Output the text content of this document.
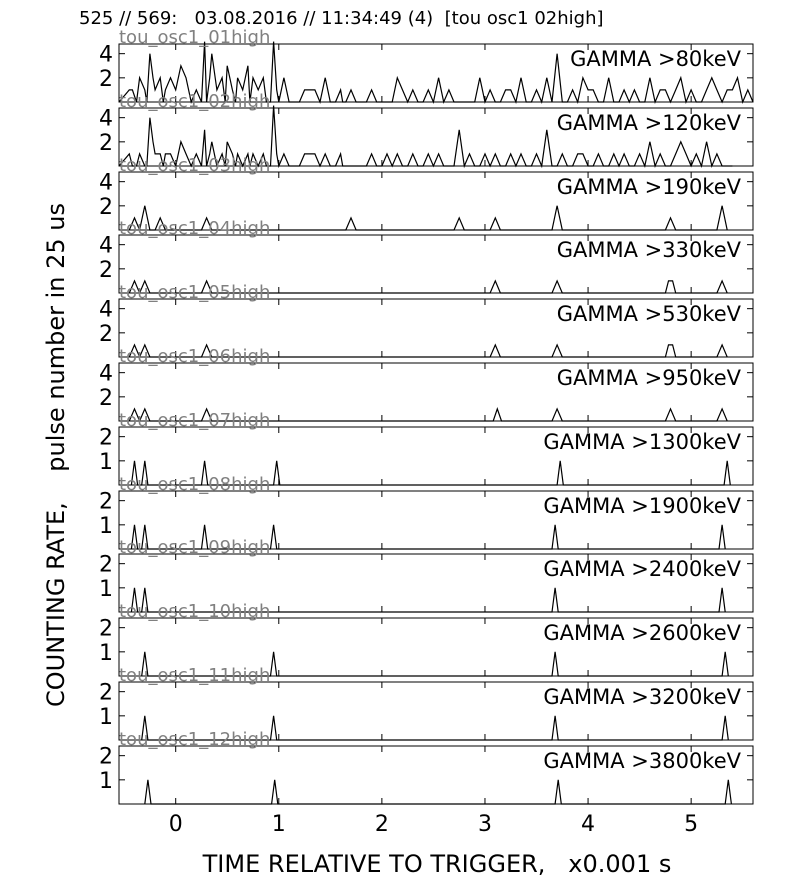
525 // 569:   03.08.2016 // 11:34:49 (4)  [tou osc1 02high]
COUNTING RATE,    pulse number in 25 us
TIME RELATIVE TO TRIGGER,   x0.001 s
2
4	GAMMA >80keV
tou_osc1_01high
2
4	GAMMA >120keV
tou_osc1_02high
2
4	GAMMA >190keV
tou_osc1_03high
2
4	GAMMA >330keV
tou_osc1_04high
2
4	GAMMA >530keV
tou_osc1_05high
2
4	GAMMA >950keV
tou_osc1_06high
1
2	GAMMA >1300keV
tou_osc1_07high
1
2	GAMMA >1900keV
tou_osc1_08high
1
2	GAMMA >2400keV
tou_osc1_09high
1
2	GAMMA >2600keV
tou_osc1_10high
1
2	GAMMA >3200keV
tou_osc1_11high
1
2	GAMMA >3800keV
tou_osc1_12high
0	1	2	3	4	5
